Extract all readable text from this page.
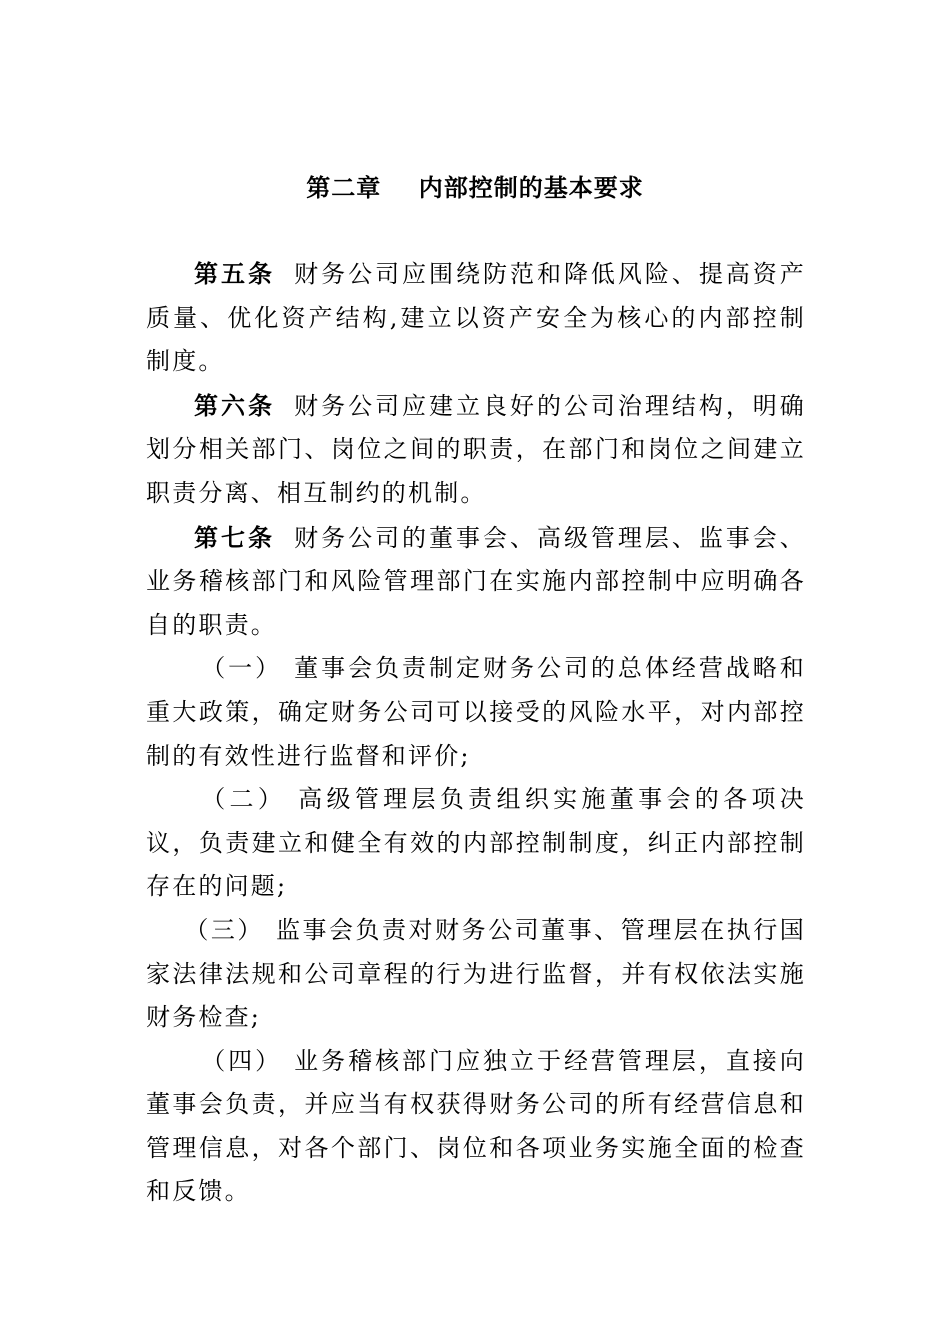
第二章    内部控制的基本要求

第五条 财务公司应围绕防范和降低风险、提高资产质量、优化资产结构,建立以资产安全为核心的内部控制制度。

第六条 财务公司应建立良好的公司治理结构，明确划分相关部门、岗位之间的职责，在部门和岗位之间建立职责分离、相互制约的机制。

第七条 财务公司的董事会、高级管理层、监事会、业务稽核部门和风险管理部门在实施内部控制中应明确各自的职责。

（一） 董事会负责制定财务公司的总体经营战略和重大政策，确定财务公司可以接受的风险水平，对内部控制的有效性进行监督和评价;

（二） 高级管理层负责组织实施董事会的各项决议，负责建立和健全有效的内部控制制度，纠正内部控制存在的问题;

（三） 监事会负责对财务公司董事、管理层在执行国家法律法规和公司章程的行为进行监督，并有权依法实施财务检查;

（四） 业务稽核部门应独立于经营管理层，直接向董事会负责，并应当有权获得财务公司的所有经营信息和管理信息，对各个部门、岗位和各项业务实施全面的检查和反馈。
